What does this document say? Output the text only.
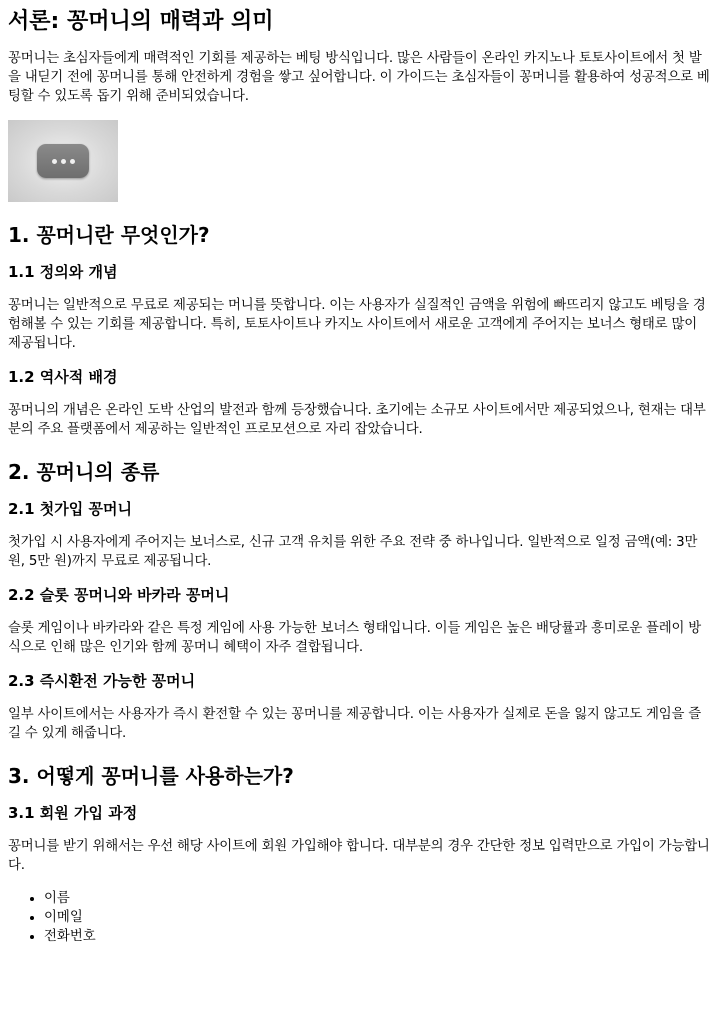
서론: 꽁머니의 매력과 의미

꽁머니는 초심자들에게 매력적인 기회를 제공하는 베팅 방식입니다. 많은 사람들이 온라인 카지노나 토토사이트에서 첫 발을 내딛기 전에 꽁머니를 통해 안전하게 경험을 쌓고 싶어합니다. 이 가이드는 초심자들이 꽁머니를 활용하여 성공적으로 베팅할 수 있도록 돕기 위해 준비되었습니다.

1. 꽁머니란 무엇인가?
1.1 정의와 개념

꽁머니는 일반적으로 무료로 제공되는 머니를 뜻합니다. 이는 사용자가 실질적인 금액을 위험에 빠뜨리지 않고도 베팅을 경험해볼 수 있는 기회를 제공합니다. 특히, 토토사이트나 카지노 사이트에서 새로운 고객에게 주어지는 보너스 형태로 많이 제공됩니다.

1.2 역사적 배경

꽁머니의 개념은 온라인 도박 산업의 발전과 함께 등장했습니다. 초기에는 소규모 사이트에서만 제공되었으나, 현재는 대부분의 주요 플랫폼에서 제공하는 일반적인 프로모션으로 자리 잡았습니다.

2. 꽁머니의 종류
2.1 첫가입 꽁머니

첫가입 시 사용자에게 주어지는 보너스로, 신규 고객 유치를 위한 주요 전략 중 하나입니다. 일반적으로 일정 금액(예: 3만 원, 5만 원)까지 무료로 제공됩니다.

2.2 슬롯 꽁머니와 바카라 꽁머니

슬롯 게임이나 바카라와 같은 특정 게임에 사용 가능한 보너스 형태입니다. 이들 게임은 높은 배당률과 흥미로운 플레이 방식으로 인해 많은 인기와 함께 꽁머니 혜택이 자주 결합됩니다.

2.3 즉시환전 가능한 꽁머니

일부 사이트에서는 사용자가 즉시 환전할 수 있는 꽁머니를 제공합니다. 이는 사용자가 실제로 돈을 잃지 않고도 게임을 즐길 수 있게 해줍니다.

3. 어떻게 꽁머니를 사용하는가?
3.1 회원 가입 과정

꽁머니를 받기 위해서는 우선 해당 사이트에 회원 가입해야 합니다. 대부분의 경우 간단한 정보 입력만으로 가입이 가능합니다.

• 이름
• 이메일
• 전화번호
